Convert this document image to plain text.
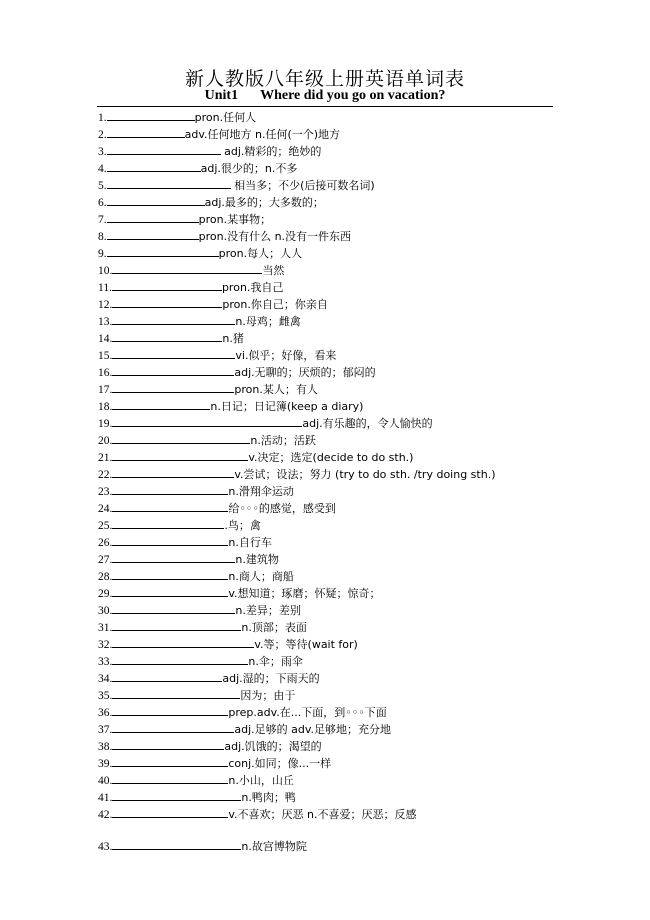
新人教版八年级上册英语单词表
Unit1 Where did you go on vacation?
1.	pron.任何人
2.	adv.任何地方 n.任何(一个)地方
3.	adj.精彩的；绝妙的
4.	adj.很少的；n.不多
5.	相当多；不少(后接可数名词)
6.	adj.最多的；大多数的；
7.	pron.某事物；
8.	pron.没有什么 n.没有一件东西
9.	pron.每人；人人
10.	当然
11.	pron.我自己
12.	pron.你自己；你亲自
13.	n.母鸡；雌禽
14.	n.猪
15.	vi.似乎；好像，看来
16.	adj.无聊的；厌烦的；郁闷的
17.	pron.某人；有人
18.	n.日记；日记簿(keep a diary)
19.	adj.有乐趣的，令人愉快的
20.	n.活动；活跃
21.	v.决定；选定(decide to do sth.)
22.	v.尝试；设法；努力 (try to do sth. /try doing sth.)
23.	n.滑翔伞运动
24.	给◦◦◦的感觉，感受到
25.	.鸟；禽
26.	n.自行车
27.	n.建筑物
28.	n.商人；商船
29.	v.想知道；琢磨；怀疑；惊奇；
30.	n.差异；差别
31.	n.顶部；表面
32.	v.等；等待(wait for)
33.	n.伞；雨伞
34.	adj.湿的；下雨天的
35.	因为；由于
36.	prep.adv.在...下面，到◦◦◦下面
37.	adj.足够的 adv.足够地；充分地
38.	adj.饥饿的；渴望的
39.	conj.如同；像...一样
40.	n.小山，山丘
41.	n.鸭肉；鸭
42.	v.不喜欢；厌恶 n.不喜爱；厌恶；反感
43.	n.故宫博物院
